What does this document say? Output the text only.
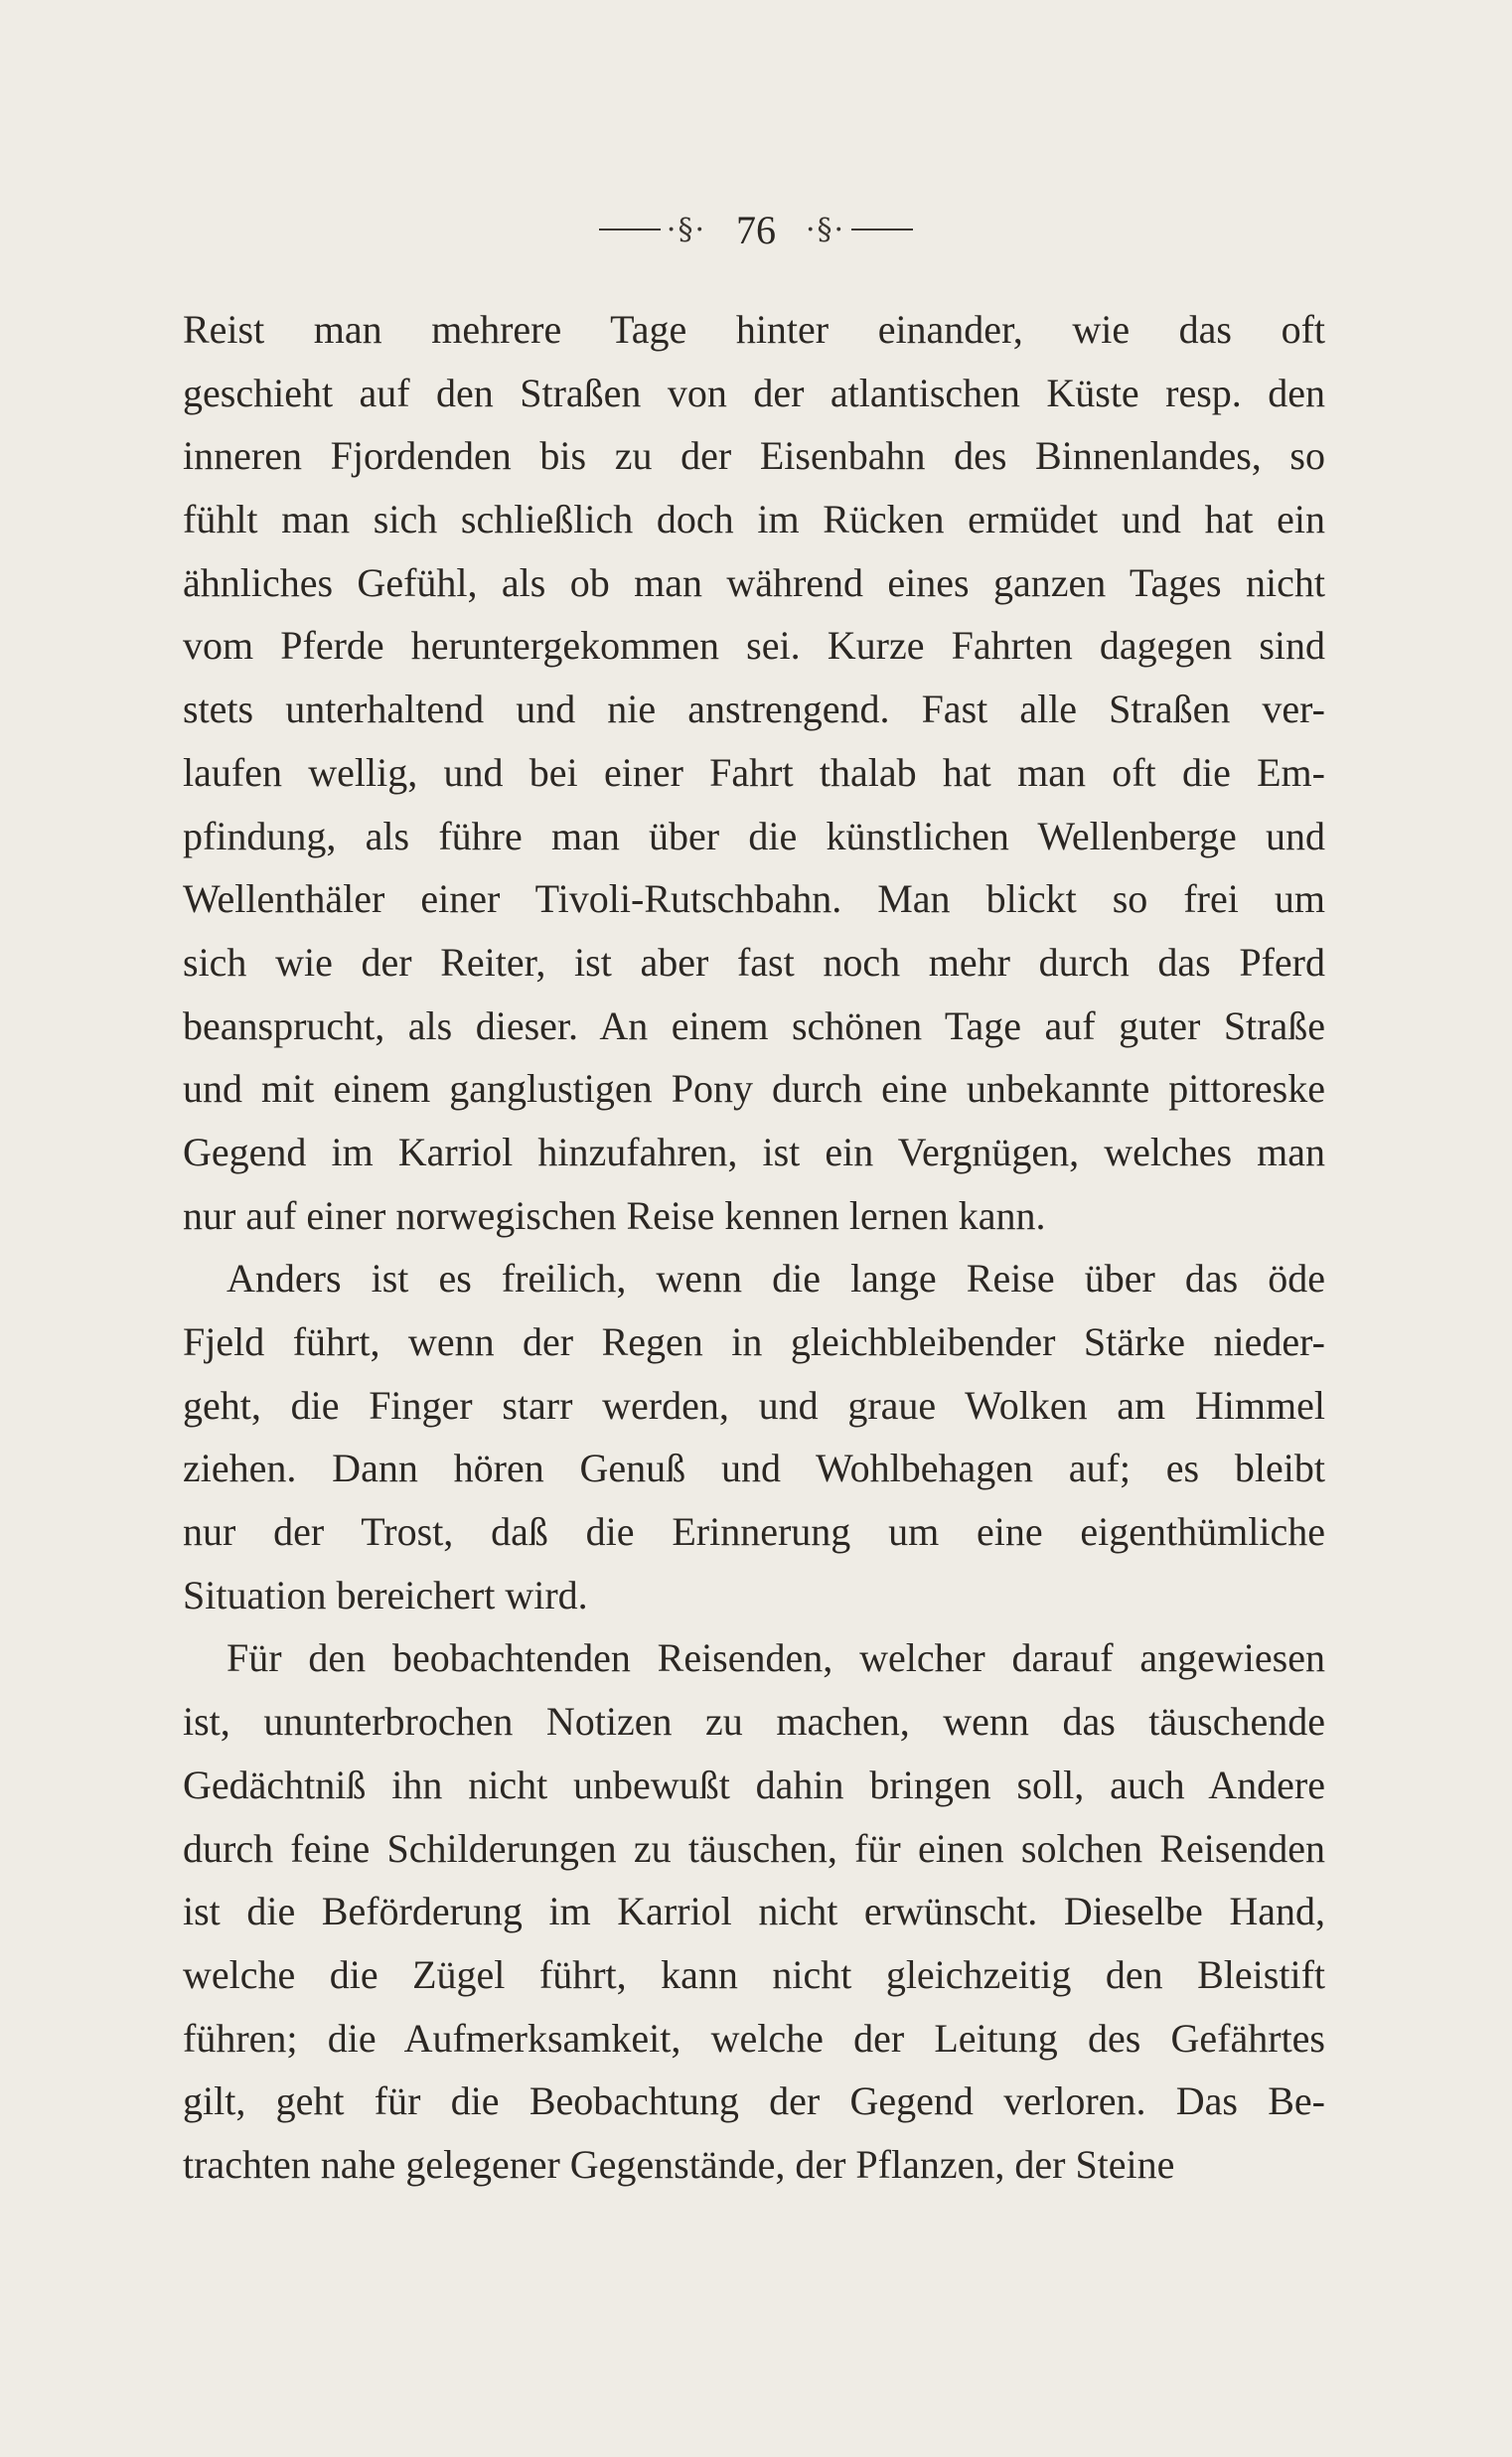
·§· 76 ·§·
Reist man mehrere Tage hinter einander, wie das oft
geschieht auf den Straßen von der atlantischen Küste resp. den
inneren Fjordenden bis zu der Eisenbahn des Binnenlandes, so
fühlt man sich schließlich doch im Rücken ermüdet und hat ein
ähnliches Gefühl, als ob man während eines ganzen Tages nicht
vom Pferde heruntergekommen sei. Kurze Fahrten dagegen sind
stets unterhaltend und nie anstrengend. Fast alle Straßen ver-
laufen wellig, und bei einer Fahrt thalab hat man oft die Em-
pfindung, als führe man über die künstlichen Wellenberge und
Wellenthäler einer Tivoli-Rutschbahn. Man blickt so frei um
sich wie der Reiter, ist aber fast noch mehr durch das Pferd
beansprucht, als dieser. An einem schönen Tage auf guter Straße
und mit einem ganglustigen Pony durch eine unbekannte pittoreske
Gegend im Karriol hinzufahren, ist ein Vergnügen, welches man
nur auf einer norwegischen Reise kennen lernen kann.
Anders ist es freilich, wenn die lange Reise über das öde
Fjeld führt, wenn der Regen in gleichbleibender Stärke nieder-
geht, die Finger starr werden, und graue Wolken am Himmel
ziehen. Dann hören Genuß und Wohlbehagen auf; es bleibt
nur der Trost, daß die Erinnerung um eine eigenthümliche
Situation bereichert wird.
Für den beobachtenden Reisenden, welcher darauf angewiesen
ist, ununterbrochen Notizen zu machen, wenn das täuschende
Gedächtniß ihn nicht unbewußt dahin bringen soll, auch Andere
durch feine Schilderungen zu täuschen, für einen solchen Reisenden
ist die Beförderung im Karriol nicht erwünscht. Dieselbe Hand,
welche die Zügel führt, kann nicht gleichzeitig den Bleistift
führen; die Aufmerksamkeit, welche der Leitung des Gefährtes
gilt, geht für die Beobachtung der Gegend verloren. Das Be-
trachten nahe gelegener Gegenstände, der Pflanzen, der Steine
